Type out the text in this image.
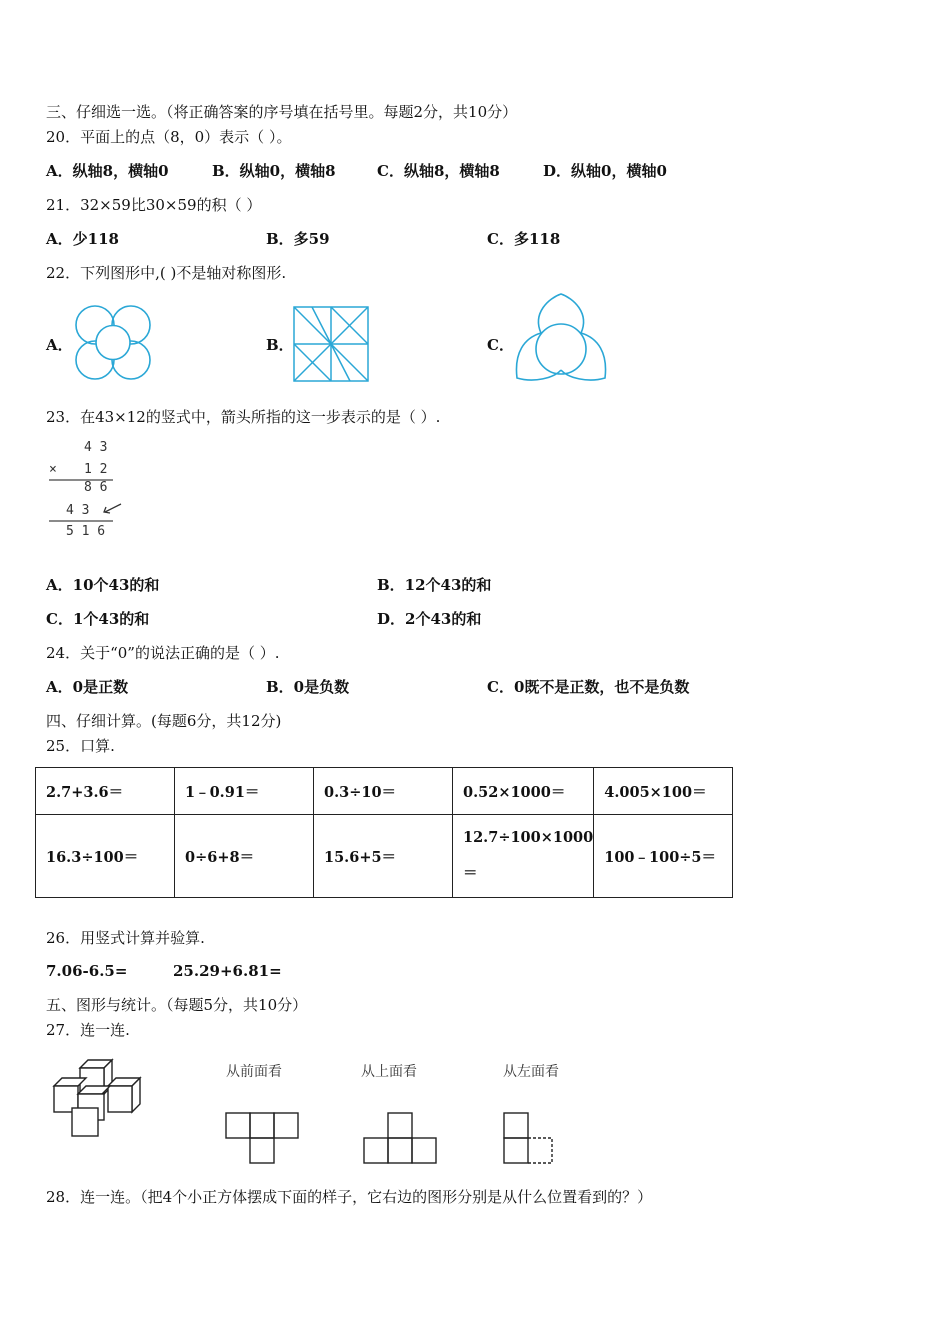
三、仔细选一选。（将正确答案的序号填在括号里。每题2分，共10分）
20．平面上的点（8，0）表示（ ）。
A．纵轴8，横轴0	B．纵轴0，横轴8	C．纵轴8，横轴8	D．纵轴0，横轴0
21．32×59比30×59的积（ ）
A．少118	B．多59	C．多118
22．下列图形中,( )不是轴对称图形.
A．	B．	C．
23．在43×12的竖式中，箭头所指的这一步表示的是（ ）.
4 3
× 1 2
8 6
4 3
5 1 6
A．10个43的和	B．12个43的和
C．1个43的和	D．2个43的和
24．关于“0”的说法正确的是（ ）.
A．0是正数	B．0是负数	C．0既不是正数，也不是负数
四、仔细计算。(每题6分，共12分)
25．口算.
2.7+3.6＝	1﹣0.91＝	0.3÷10＝	0.52×1000＝	4.005×100＝
16.3÷100＝	0÷6+8＝	15.6+5＝	12.7÷100×1000
＝	100﹣100÷5＝
26．用竖式计算并验算.
7.06-6.5=	25.29+6.81=
五、图形与统计。（每题5分，共10分）
27．连一连.
从前面看	从上面看	从左面看
28．连一连。（把4个小正方体摆成下面的样子，它右边的图形分别是从什么位置看到的？）
